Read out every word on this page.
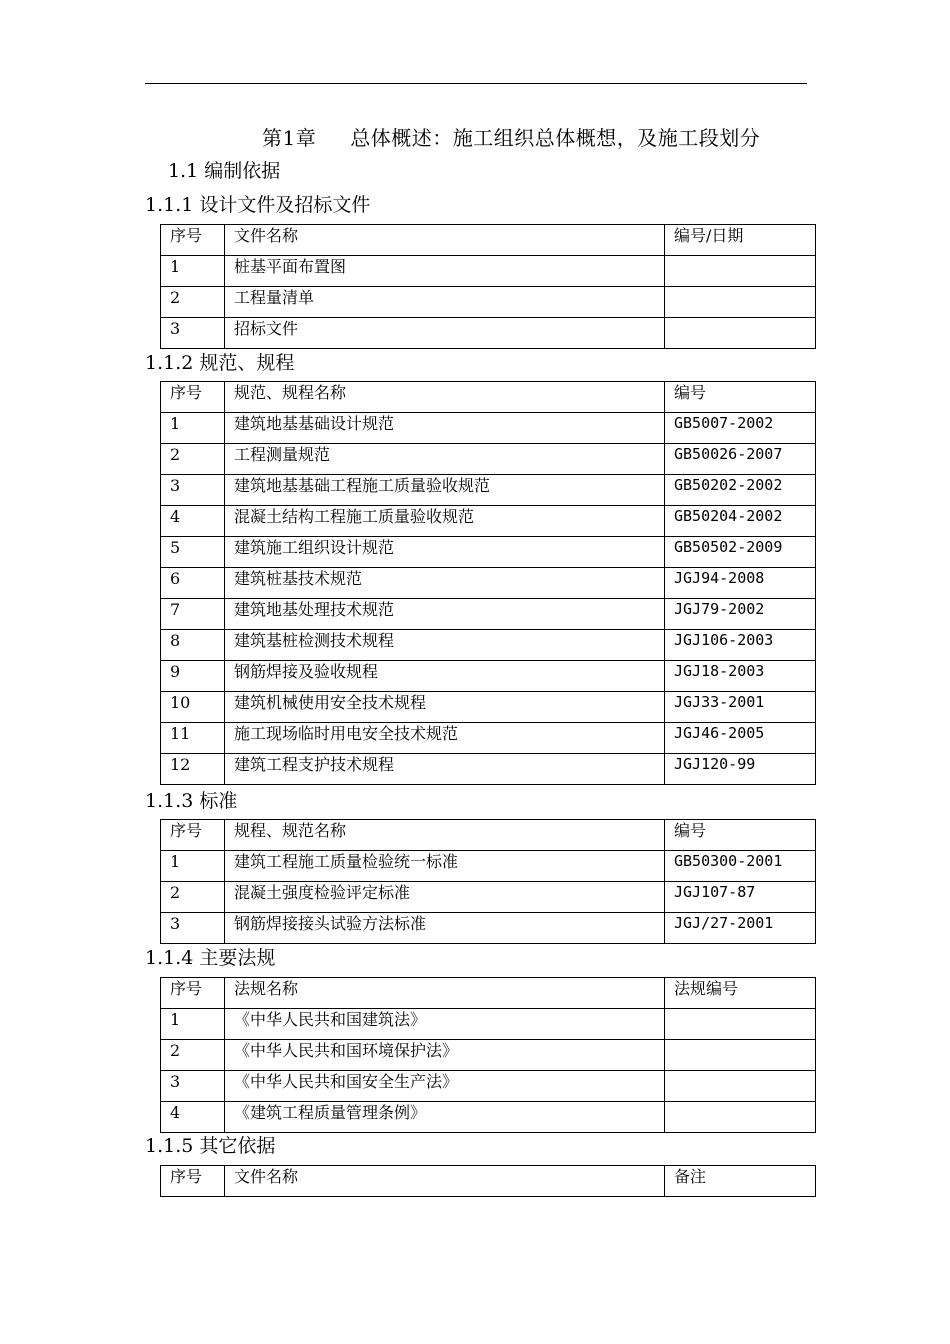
第1章 总体概述：施工组织总体概想，及施工段划分
1.1 编制依据
1.1.1 设计文件及招标文件
序号	文件名称	编号/日期
1	桩基平面布置图	
2	工程量清单	
3	招标文件	
1.1.2 规范、规程
序号	规范、规程名称	编号
1	建筑地基基础设计规范	GB5007-2002
2	工程测量规范	GB50026-2007
3	建筑地基基础工程施工质量验收规范	GB50202-2002
4	混凝土结构工程施工质量验收规范	GB50204-2002
5	建筑施工组织设计规范	GB50502-2009
6	建筑桩基技术规范	JGJ94-2008
7	建筑地基处理技术规范	JGJ79-2002
8	建筑基桩检测技术规程	JGJ106-2003
9	钢筋焊接及验收规程	JGJ18-2003
10	建筑机械使用安全技术规程	JGJ33-2001
11	施工现场临时用电安全技术规范	JGJ46-2005
12	建筑工程支护技术规程	JGJ120-99
1.1.3 标准
序号	规程、规范名称	编号
1	建筑工程施工质量检验统一标准	GB50300-2001
2	混凝土强度检验评定标准	JGJ107-87
3	钢筋焊接接头试验方法标准	JGJ/27-2001
1.1.4 主要法规
序号	法规名称	法规编号
1	《中华人民共和国建筑法》	
2	《中华人民共和国环境保护法》	
3	《中华人民共和国安全生产法》	
4	《建筑工程质量管理条例》	
1.1.5 其它依据
序号	文件名称	备注
